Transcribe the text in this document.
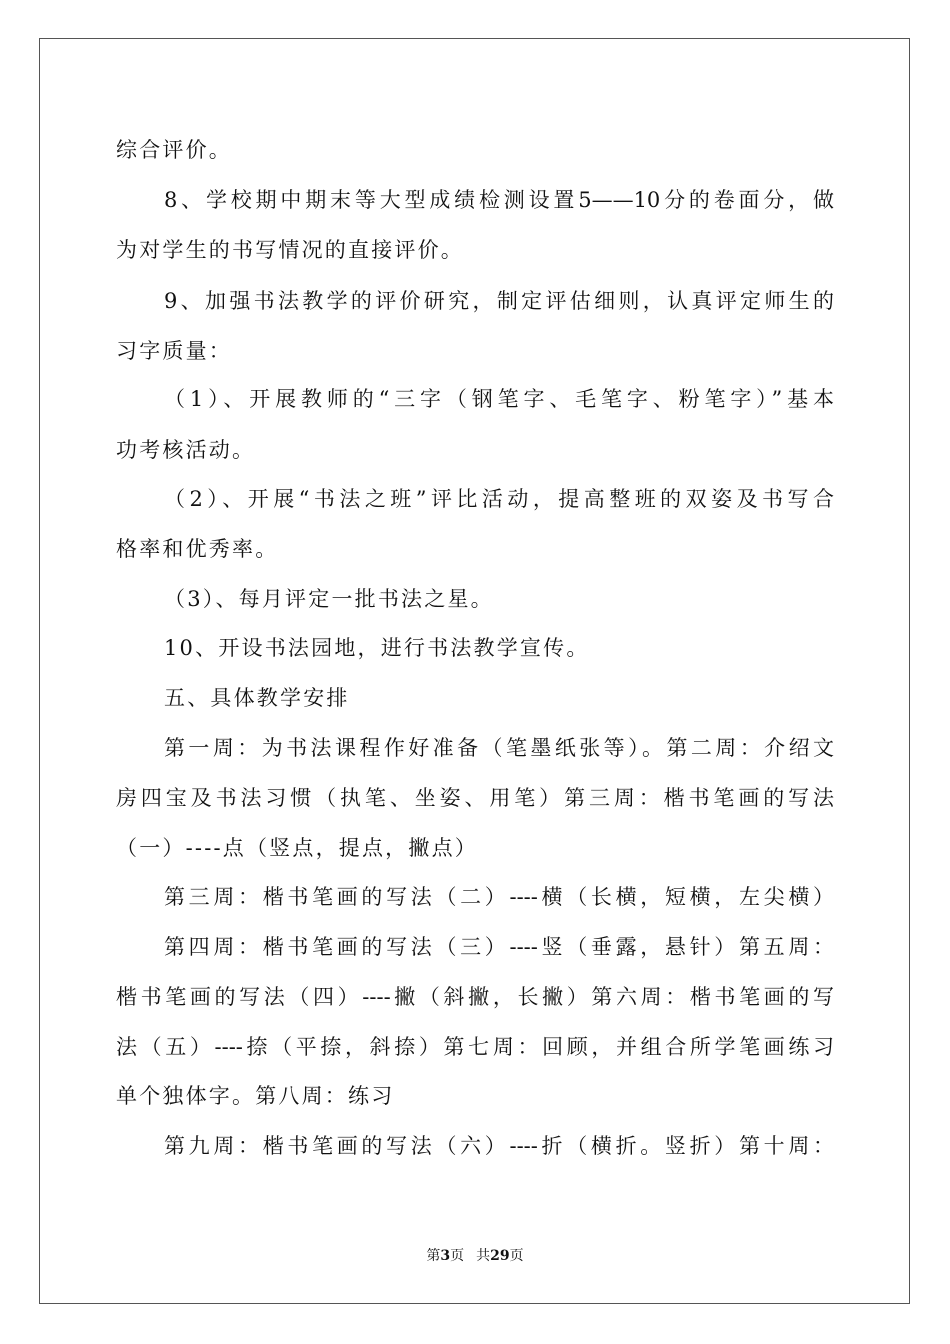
综合评价。
8、学校期中期末等大型成绩检测设置5——10分的卷面分，做
为对学生的书写情况的直接评价。
9、加强书法教学的评价研究，制定评估细则，认真评定师生的
习字质量：
（1）、开展教师的“三字（钢笔字、毛笔字、粉笔字）”基本
功考核活动。
（2）、开展“书法之班”评比活动，提高整班的双姿及书写合
格率和优秀率。
（3）、每月评定一批书法之星。
10、开设书法园地，进行书法教学宣传。
五、具体教学安排
第一周：为书法课程作好准备（笔墨纸张等）。第二周：介绍文
房四宝及书法习惯（执笔、坐姿、用笔）第三周：楷书笔画的写法
（一）----点（竖点，提点，撇点）
第三周：楷书笔画的写法（二）----横（长横，短横，左尖横）
第四周：楷书笔画的写法（三）----竖（垂露，悬针）第五周：
楷书笔画的写法（四）----撇（斜撇，长撇）第六周：楷书笔画的写
法（五）----捺（平捺，斜捺）第七周：回顾，并组合所学笔画练习
单个独体字。第八周：练习
第九周：楷书笔画的写法（六）----折（横折。竖折）第十周：
第3页 共29页
